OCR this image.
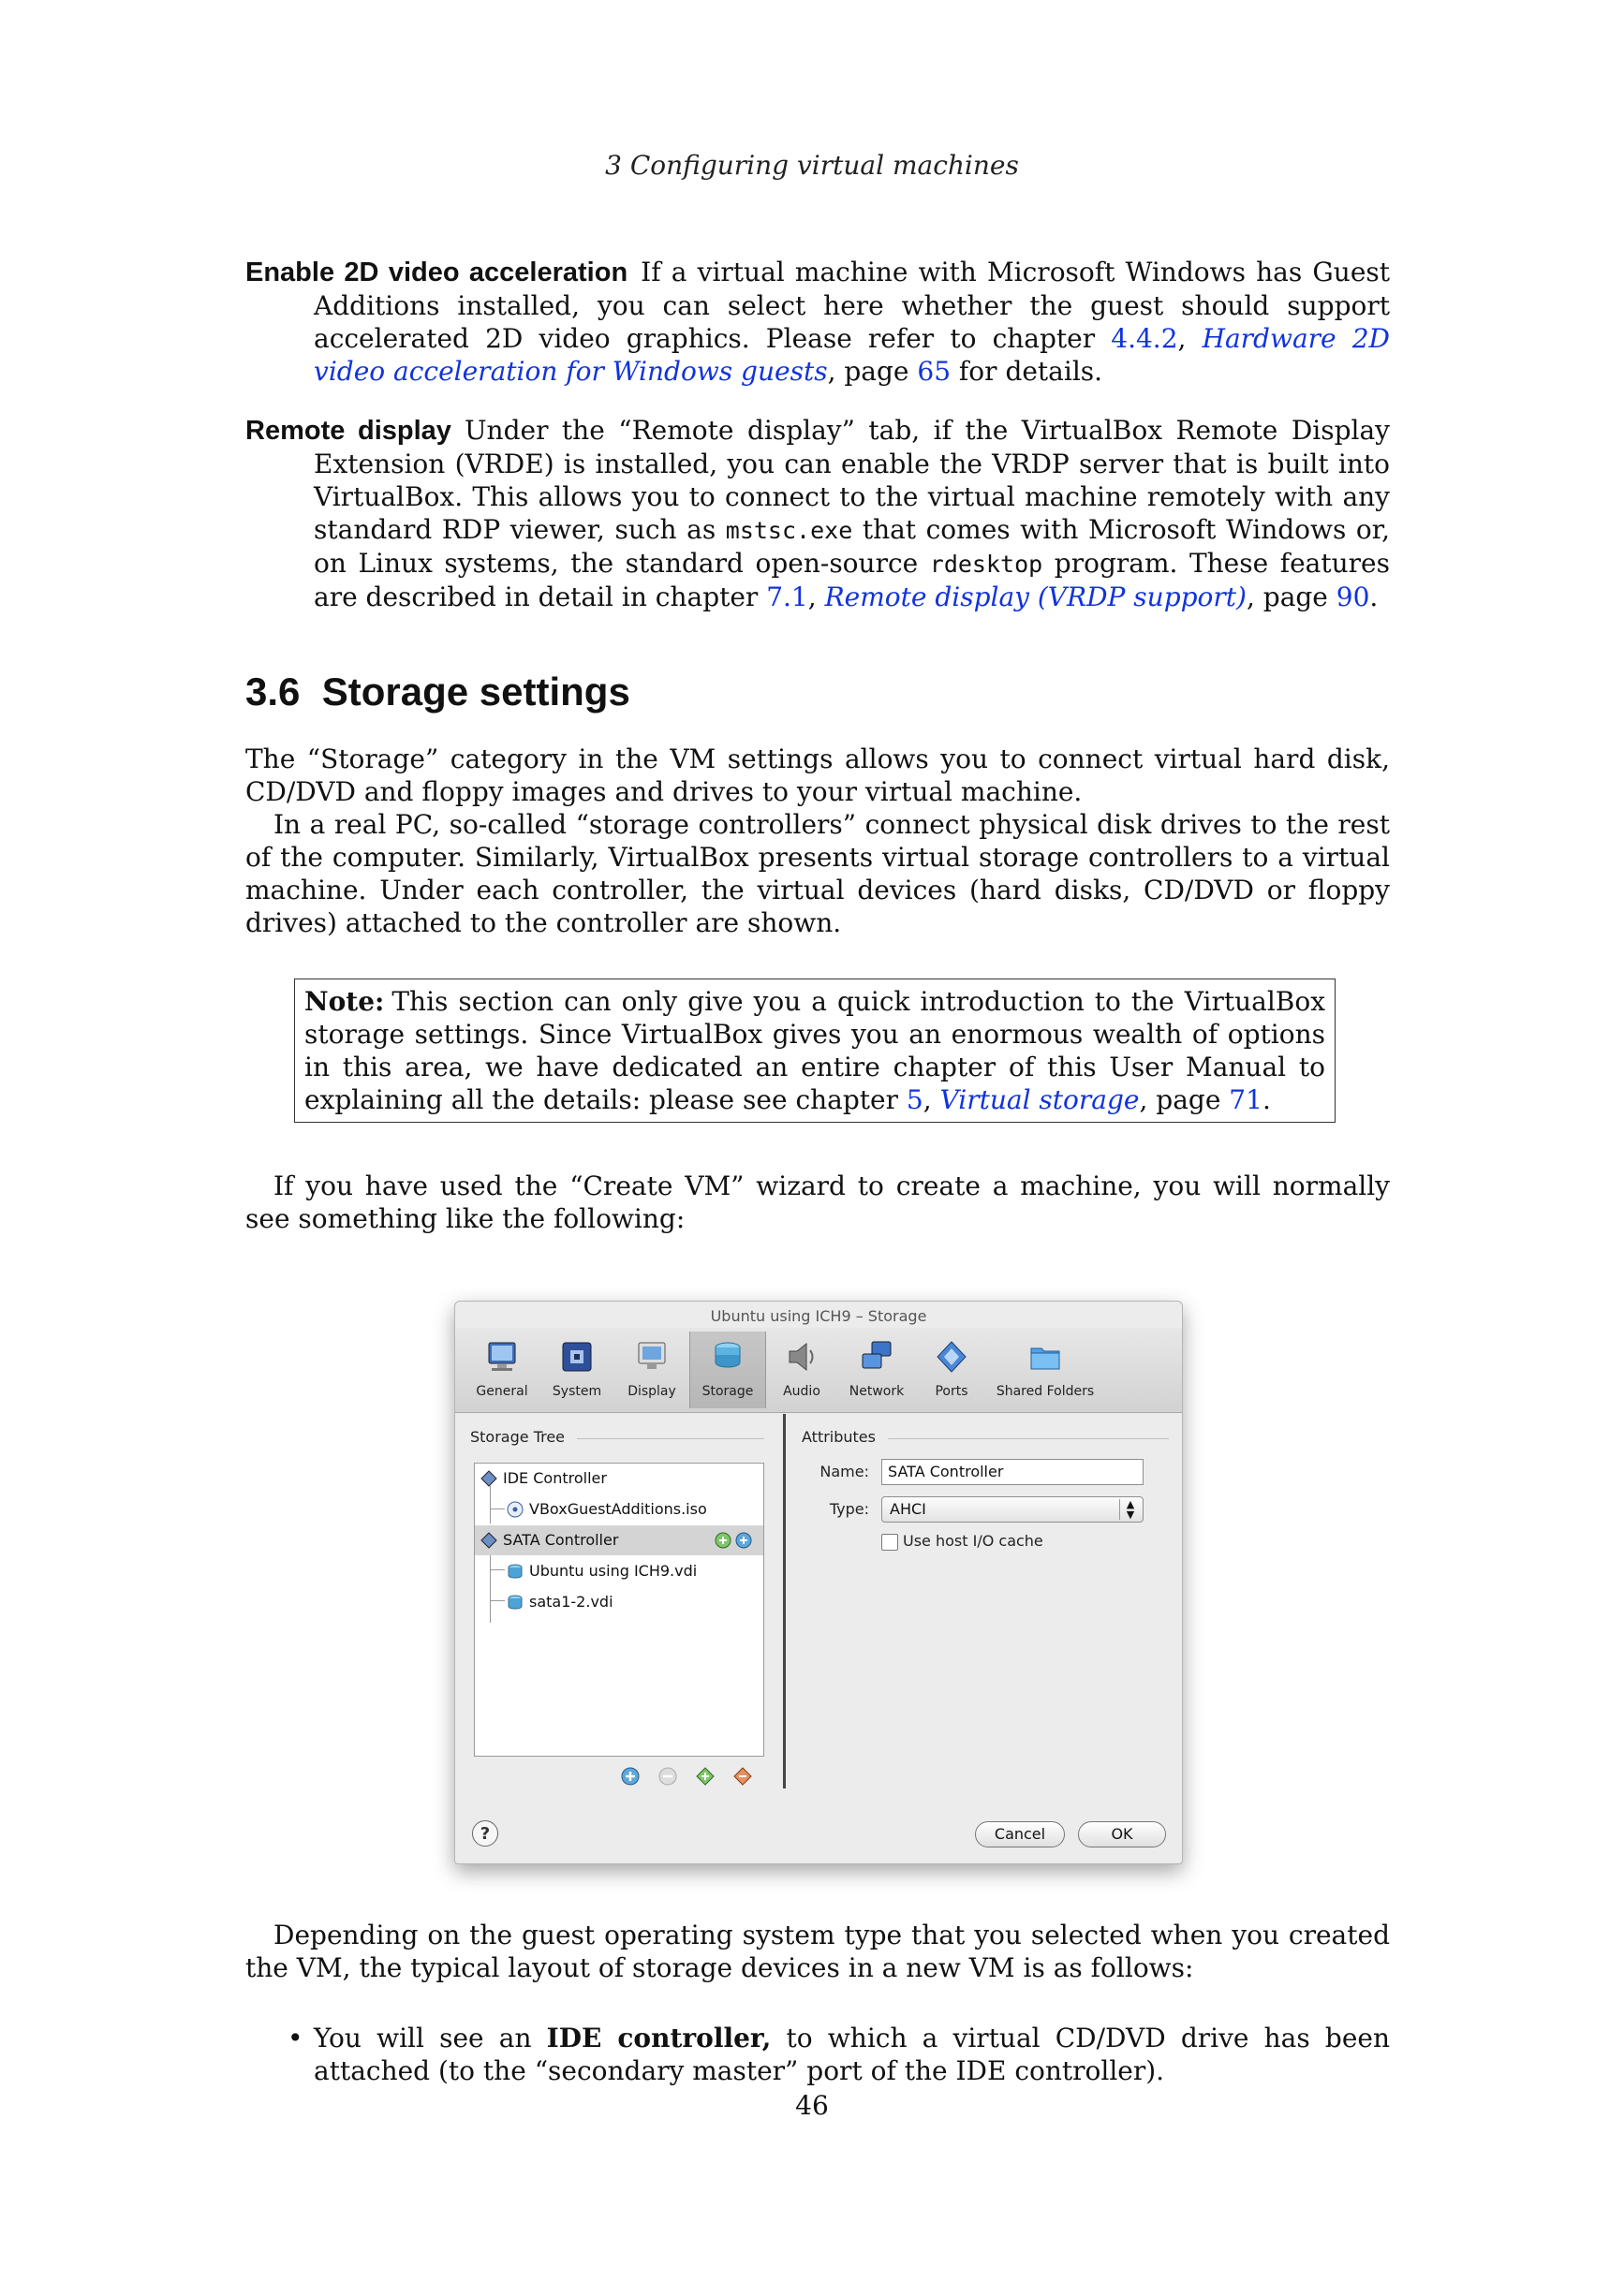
3 Configuring virtual machines

Enable 2D video acceleration If a virtual machine with Microsoft Windows has Guest Additions installed, you can select here whether the guest should support accelerated 2D video graphics. Please refer to chapter 4.4.2, Hardware 2D video acceleration for Windows guests, page 65 for details.

Remote display Under the “Remote display” tab, if the VirtualBox Remote Display Extension (VRDE) is installed, you can enable the VRDP server that is built into VirtualBox. This allows you to connect to the virtual machine remotely with any standard RDP viewer, such as mstsc.exe that comes with Microsoft Windows or, on Linux systems, the standard open-source rdesktop program. These features are described in detail in chapter 7.1, Remote display (VRDP support), page 90.

3.6 Storage settings

The “Storage” category in the VM settings allows you to connect virtual hard disk, CD/DVD and floppy images and drives to your virtual machine.

In a real PC, so-called “storage controllers” connect physical disk drives to the rest of the computer. Similarly, VirtualBox presents virtual storage controllers to a virtual machine. Under each controller, the virtual devices (hard disks, CD/DVD or floppy drives) attached to the controller are shown.

Note: This section can only give you a quick introduction to the VirtualBox storage settings. Since VirtualBox gives you an enormous wealth of options in this area, we have dedicated an entire chapter of this User Manual to explaining all the details: please see chapter 5, Virtual storage, page 71.

If you have used the “Create VM” wizard to create a machine, you will normally see something like the following:

Ubuntu using ICH9 – Storage
General	System	Display	Storage	Audio	Network	Ports	Shared Folders
Storage Tree
IDE Controller
VBoxGuestAdditions.iso
SATA Controller
Ubuntu using ICH9.vdi
sata1-2.vdi
Attributes
Name:	SATA Controller
Type:	AHCI	▲
▼
Use host I/O cache
?	Cancel	OK

Depending on the guest operating system type that you selected when you created the VM, the typical layout of storage devices in a new VM is as follows:

• You will see an IDE controller, to which a virtual CD/DVD drive has been attached (to the “secondary master” port of the IDE controller).
46
